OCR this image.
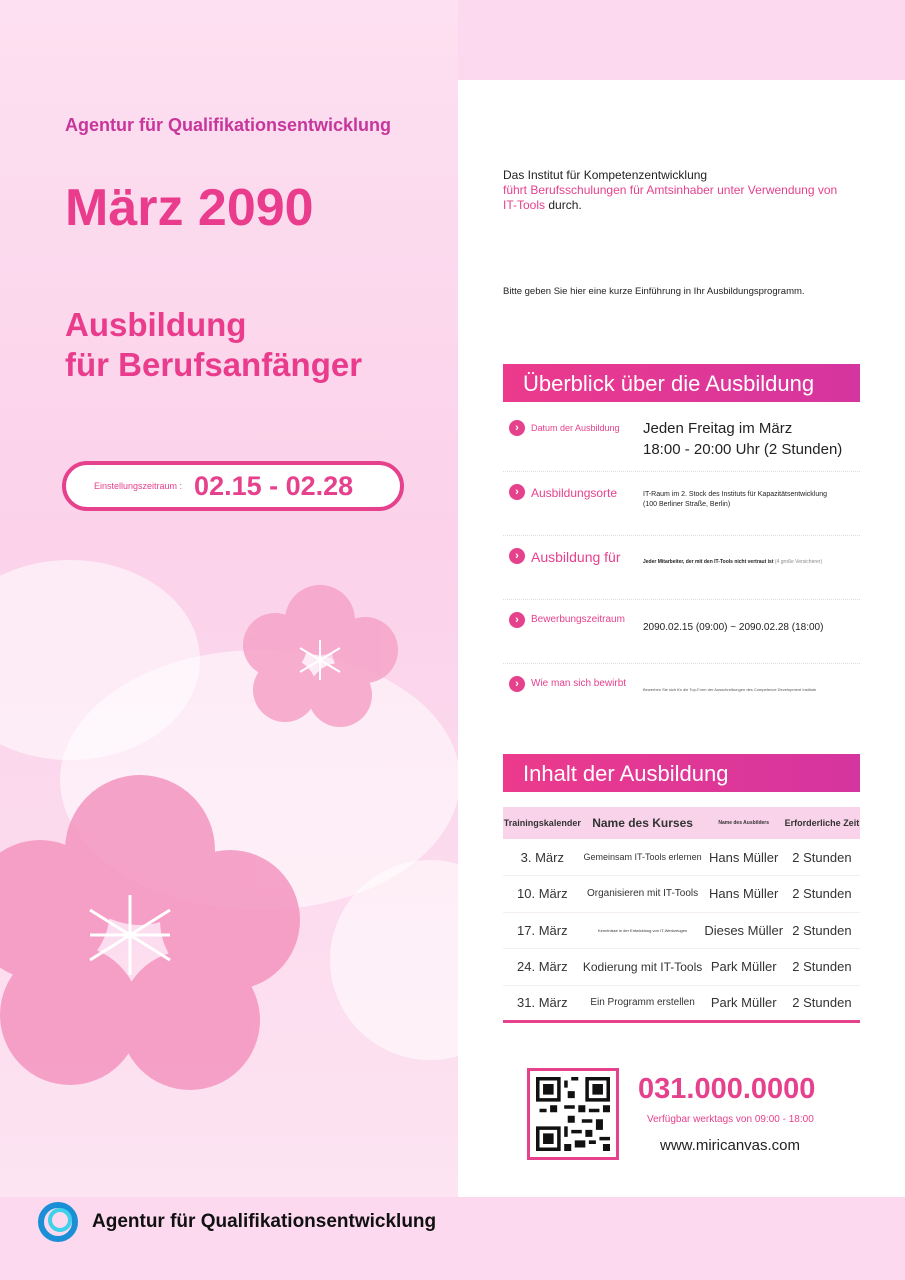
Agentur für Qualifikationsentwicklung
März 2090
Ausbildung
für Berufsanfänger
Einstellungszeitraum : 02.15 - 02.28
Das Institut für Kompetenzentwicklung
führt Berufsschulungen für Amtsinhaber unter Verwendung von
IT-Tools durch.
Bitte geben Sie hier eine kurze Einführung in Ihr Ausbildungsprogramm.
Überblick über die Ausbildung
›	Datum der Ausbildung Jeden Freitag im März
18:00 - 20:00 Uhr (2 Stunden)
›	Ausbildungsorte	IT-Raum im 2. Stock des Instituts für Kapazitätsentwicklung
(100 Berliner Straße, Berlin)
› Ausbildung für	Jeder Mitarbeiter, der mit den IT-Tools nicht vertraut ist (4 große Versicherer)
›	Bewerbungszeitraum
2090.02.15 (09:00) ~ 2090.02.28 (18:00)
›	Wie man sich bewirbt
Bewerben Sie sich für die Top-Form der Ausschreibungen des Competence Development Institute
Inhalt der Ausbildung
Trainingskalender	Name des Kurses	Name des Ausbilders	Erforderliche Zeit
3. März	Gemeinsam IT-Tools erlernen	Hans Müller	2 Stunden
10. März	Organisieren mit IT-Tools	Hans Müller	2 Stunden
17. März	Kenntnisse in der Entwicklung von IT-Werkzeugen	Dieses Müller	2 Stunden
24. März	Kodierung mit IT-Tools	Park Müller	2 Stunden
31. März	Ein Programm erstellen	Park Müller	2 Stunden
031.000.0000
Verfügbar werktags von 09:00 - 18:00
www.miricanvas.com
Agentur für Qualifikationsentwicklung
